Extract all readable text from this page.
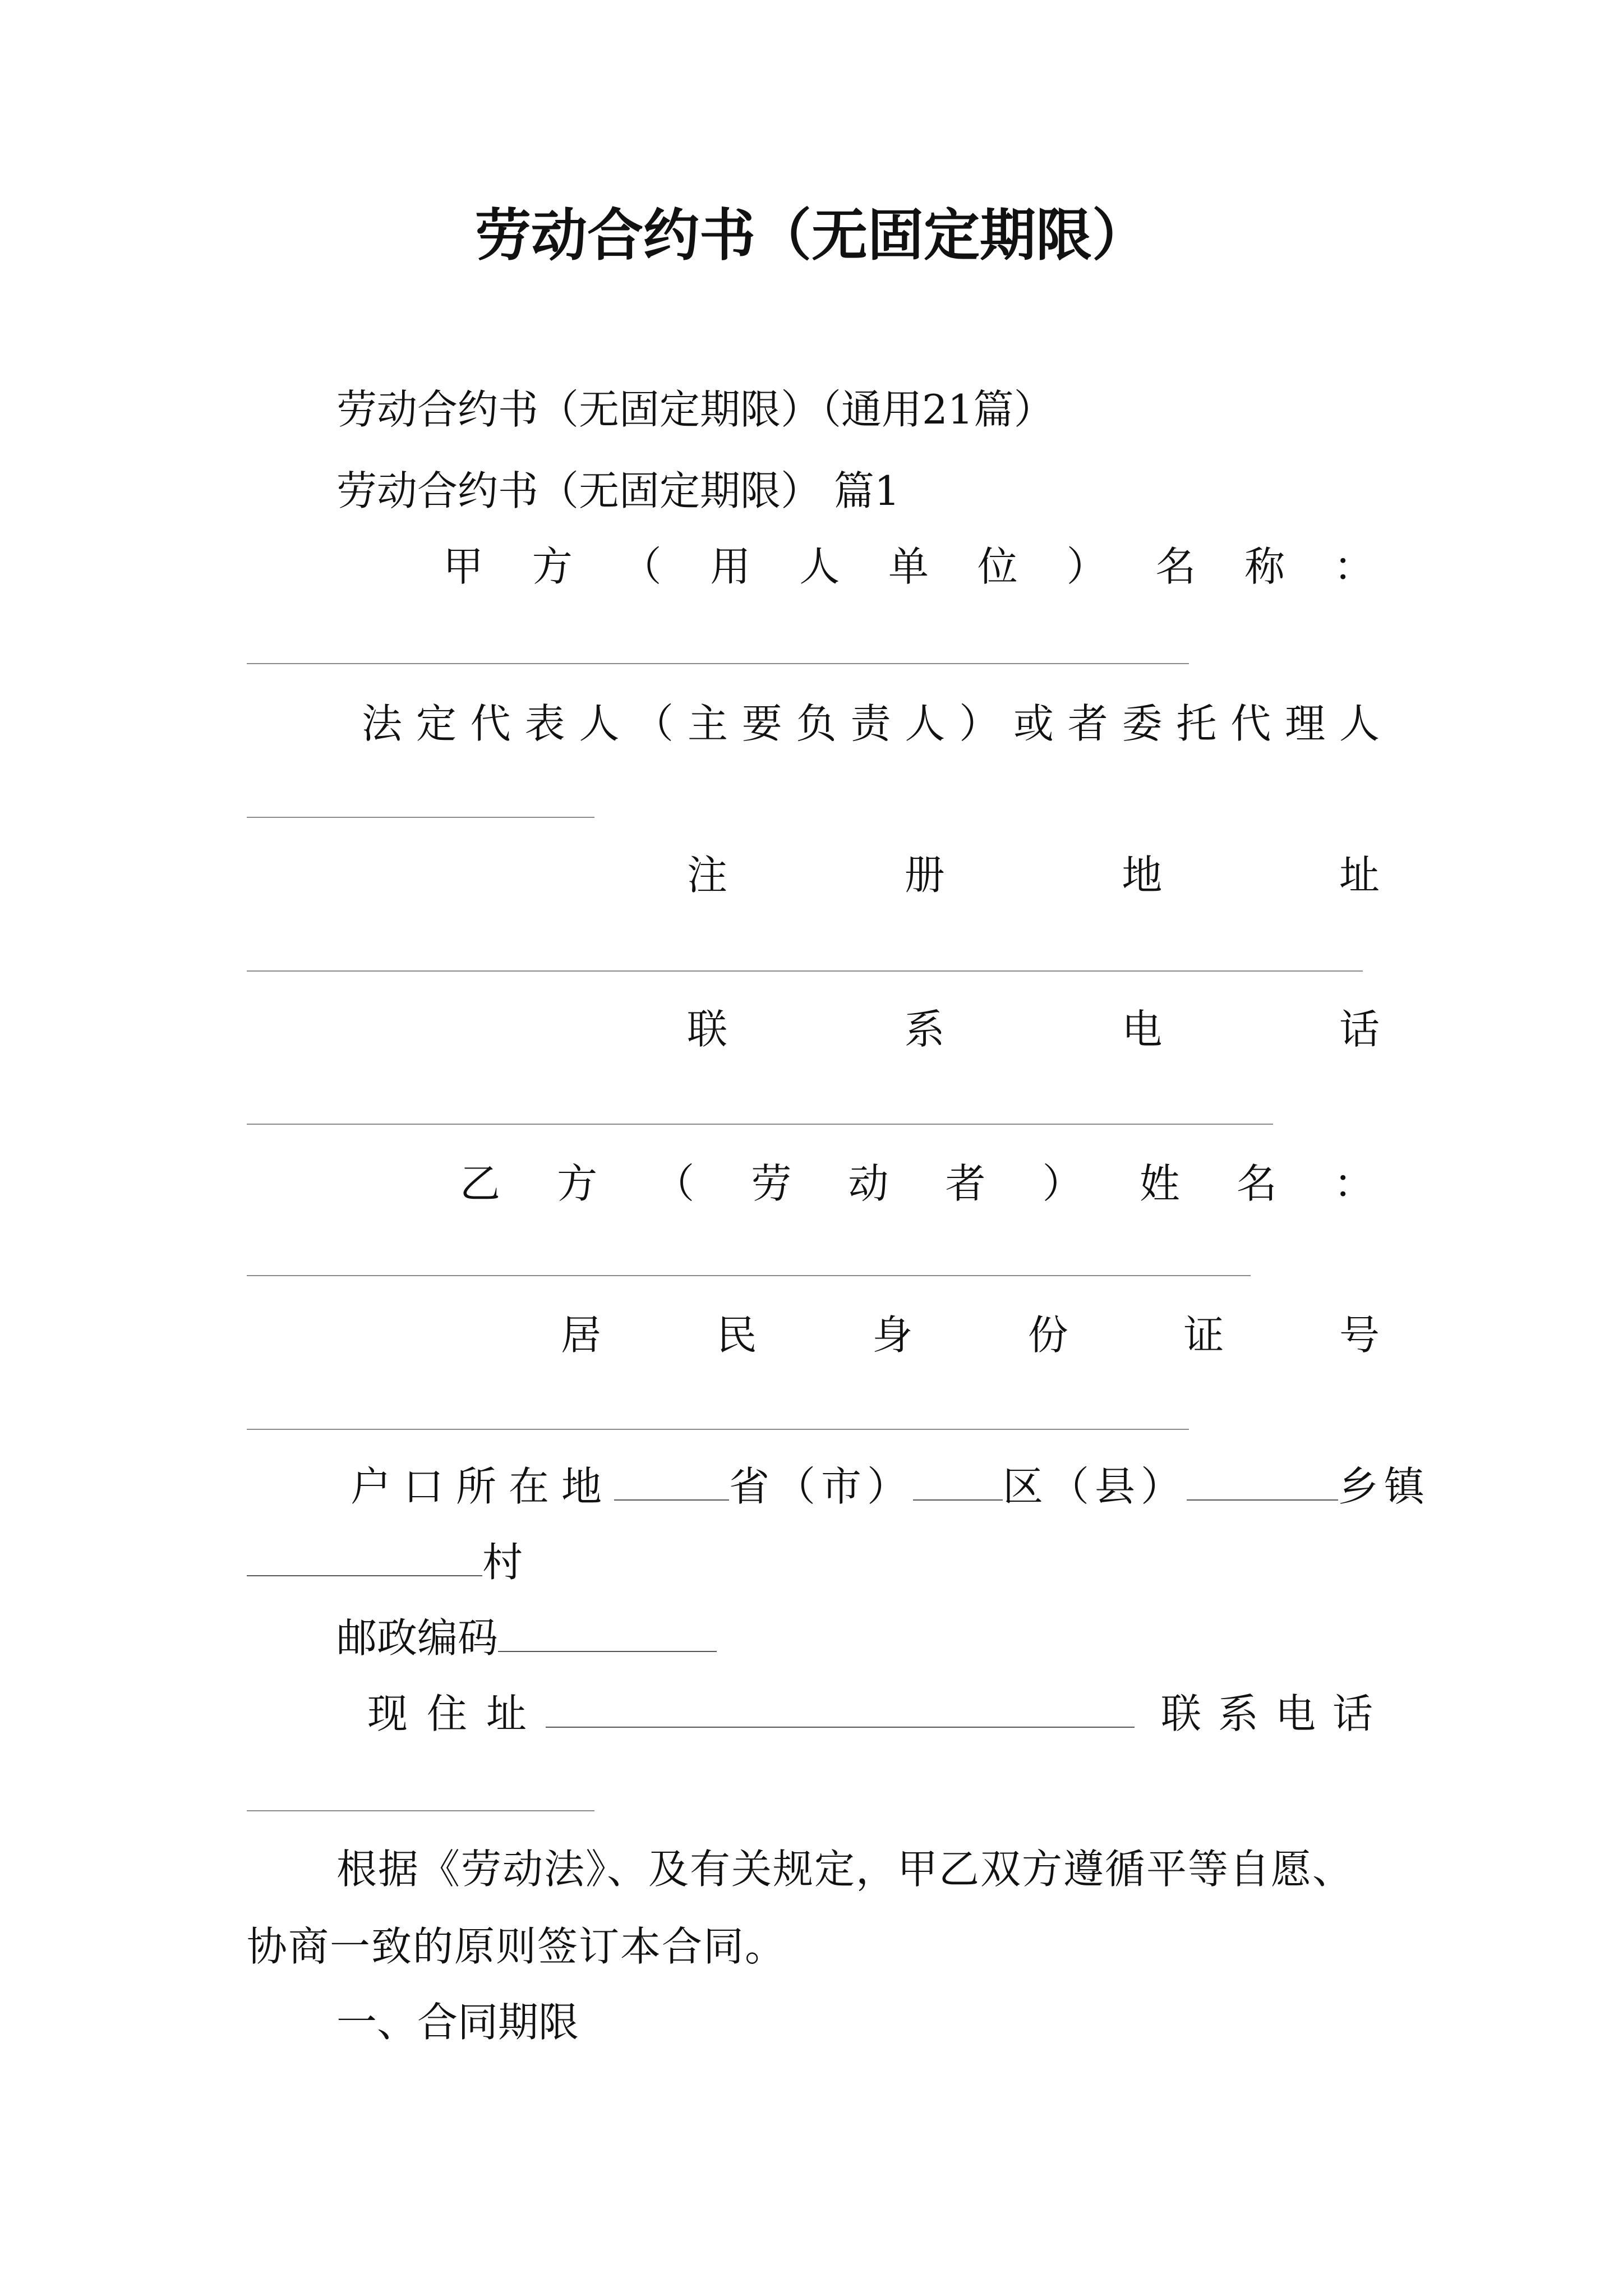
劳动合约书（无固定期限）
劳动合约书（无固定期限）（通用21篇）
劳动合约书（无固定期限） 篇1
甲 方 （ 用 人 单 位 ） 名 称 ：
法 定 代 表 人 （ 主 要 负 责 人 ） 或 者 委 托 代 理 人
注	册	地	址
联	系	电	话
乙 方 （ 劳 动 者 ） 姓 名 ：
居	民	身	份	证	号
户口所在地	省（市） 区（县）	乡镇
村
邮政编码
现住址	联系电话
根据《劳动法》、及有关规定，甲乙双方遵循平等自愿、
协商一致的原则签订本合同。
一、合同期限
